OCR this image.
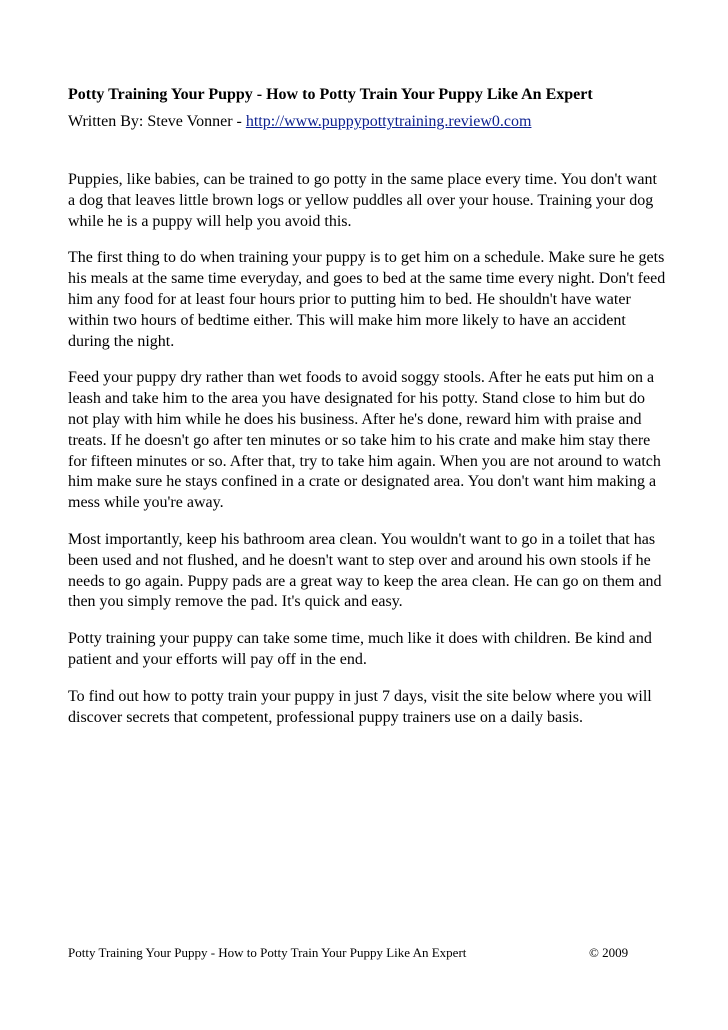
Potty Training Your Puppy - How to Potty Train Your Puppy Like An Expert
Written By: Steve Vonner - http://www.puppypottytraining.review0.com

Puppies, like babies, can be trained to go potty in the same place every time. You don't want a dog that leaves little brown logs or yellow puddles all over your house. Training your dog while he is a puppy will help you avoid this.

The first thing to do when training your puppy is to get him on a schedule. Make sure he gets his meals at the same time everyday, and goes to bed at the same time every night. Don't feed him any food for at least four hours prior to putting him to bed. He shouldn't have water within two hours of bedtime either. This will make him more likely to have an accident during the night.

Feed your puppy dry rather than wet foods to avoid soggy stools. After he eats put him on a leash and take him to the area you have designated for his potty. Stand close to him but do not play with him while he does his business. After he's done, reward him with praise and treats. If he doesn't go after ten minutes or so take him to his crate and make him stay there for fifteen minutes or so. After that, try to take him again. When you are not around to watch him make sure he stays confined in a crate or designated area. You don't want him making a mess while you're away.

Most importantly, keep his bathroom area clean. You wouldn't want to go in a toilet that has been used and not flushed, and he doesn't want to step over and around his own stools if he needs to go again. Puppy pads are a great way to keep the area clean. He can go on them and then you simply remove the pad. It's quick and easy.

Potty training your puppy can take some time, much like it does with children. Be kind and patient and your efforts will pay off in the end.

To find out how to potty train your puppy in just 7 days, visit the site below where you will discover secrets that competent, professional puppy trainers use on a daily basis.

Potty Training Your Puppy - How to Potty Train Your Puppy Like An Expert	© 2009
